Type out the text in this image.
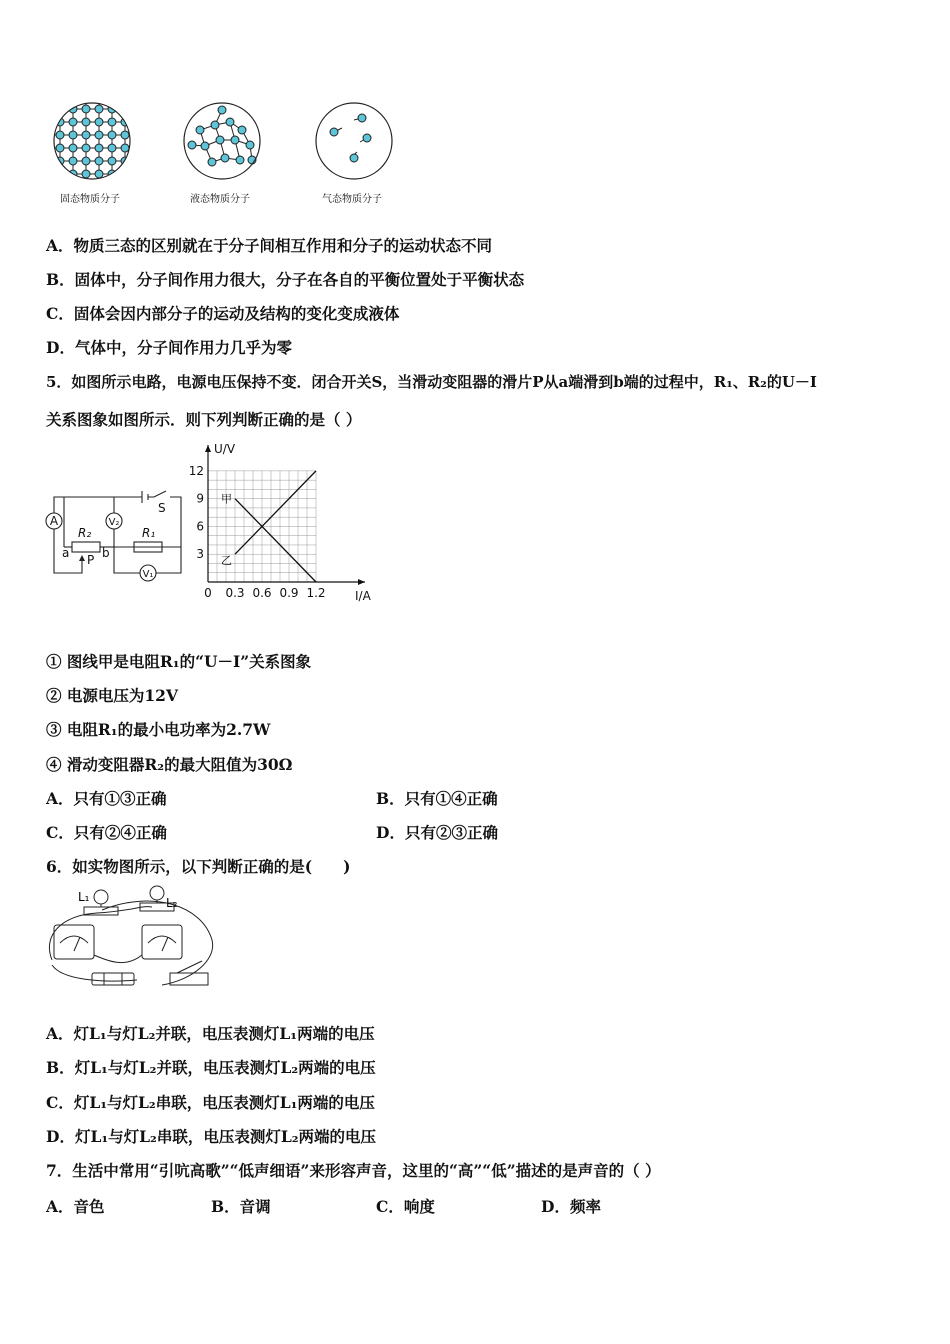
固态物质分子	液态物质分子	气态物质分子
A．物质三态的区别就在于分子间相互作用和分子的运动状态不同
B．固体中，分子间作用力很大，分子在各自的平衡位置处于平衡状态
C．固体会因内部分子的运动及结构的变化变成液体
D．气体中，分子间作用力几乎为零
5．如图所示电路，电源电压保持不变．闭合开关S，当滑动变阻器的滑片P从a端滑到b端的过程中，R₁、R₂的U－I
关系图象如图所示．则下列判断正确的是（ ）
A	V₂
V₁
R₂	R₁
S
a	b
P
0 0.3 0.6 0.9 1.2
3
6
9
12
I/A
U/V
甲
乙
① 图线甲是电阻R₁的“U－I”关系图象
② 电源电压为12V
③ 电阻R₁的最小电功率为2.7W
④ 滑动变阻器R₂的最大阻值为30Ω
A．只有①③正确	B．只有①④正确
C．只有②④正确	D．只有②③正确
6．如实物图所示，以下判断正确的是(　　)
L₁	L₂
A．灯L₁与灯L₂并联，电压表测灯L₁两端的电压
B．灯L₁与灯L₂并联，电压表测灯L₂两端的电压
C．灯L₁与灯L₂串联，电压表测灯L₁两端的电压
D．灯L₁与灯L₂串联，电压表测灯L₂两端的电压
7．生活中常用“引吭高歌”“低声细语”来形容声音，这里的“高”“低”描述的是声音的（ ）
A．音色	B．音调	C．响度	D．频率
